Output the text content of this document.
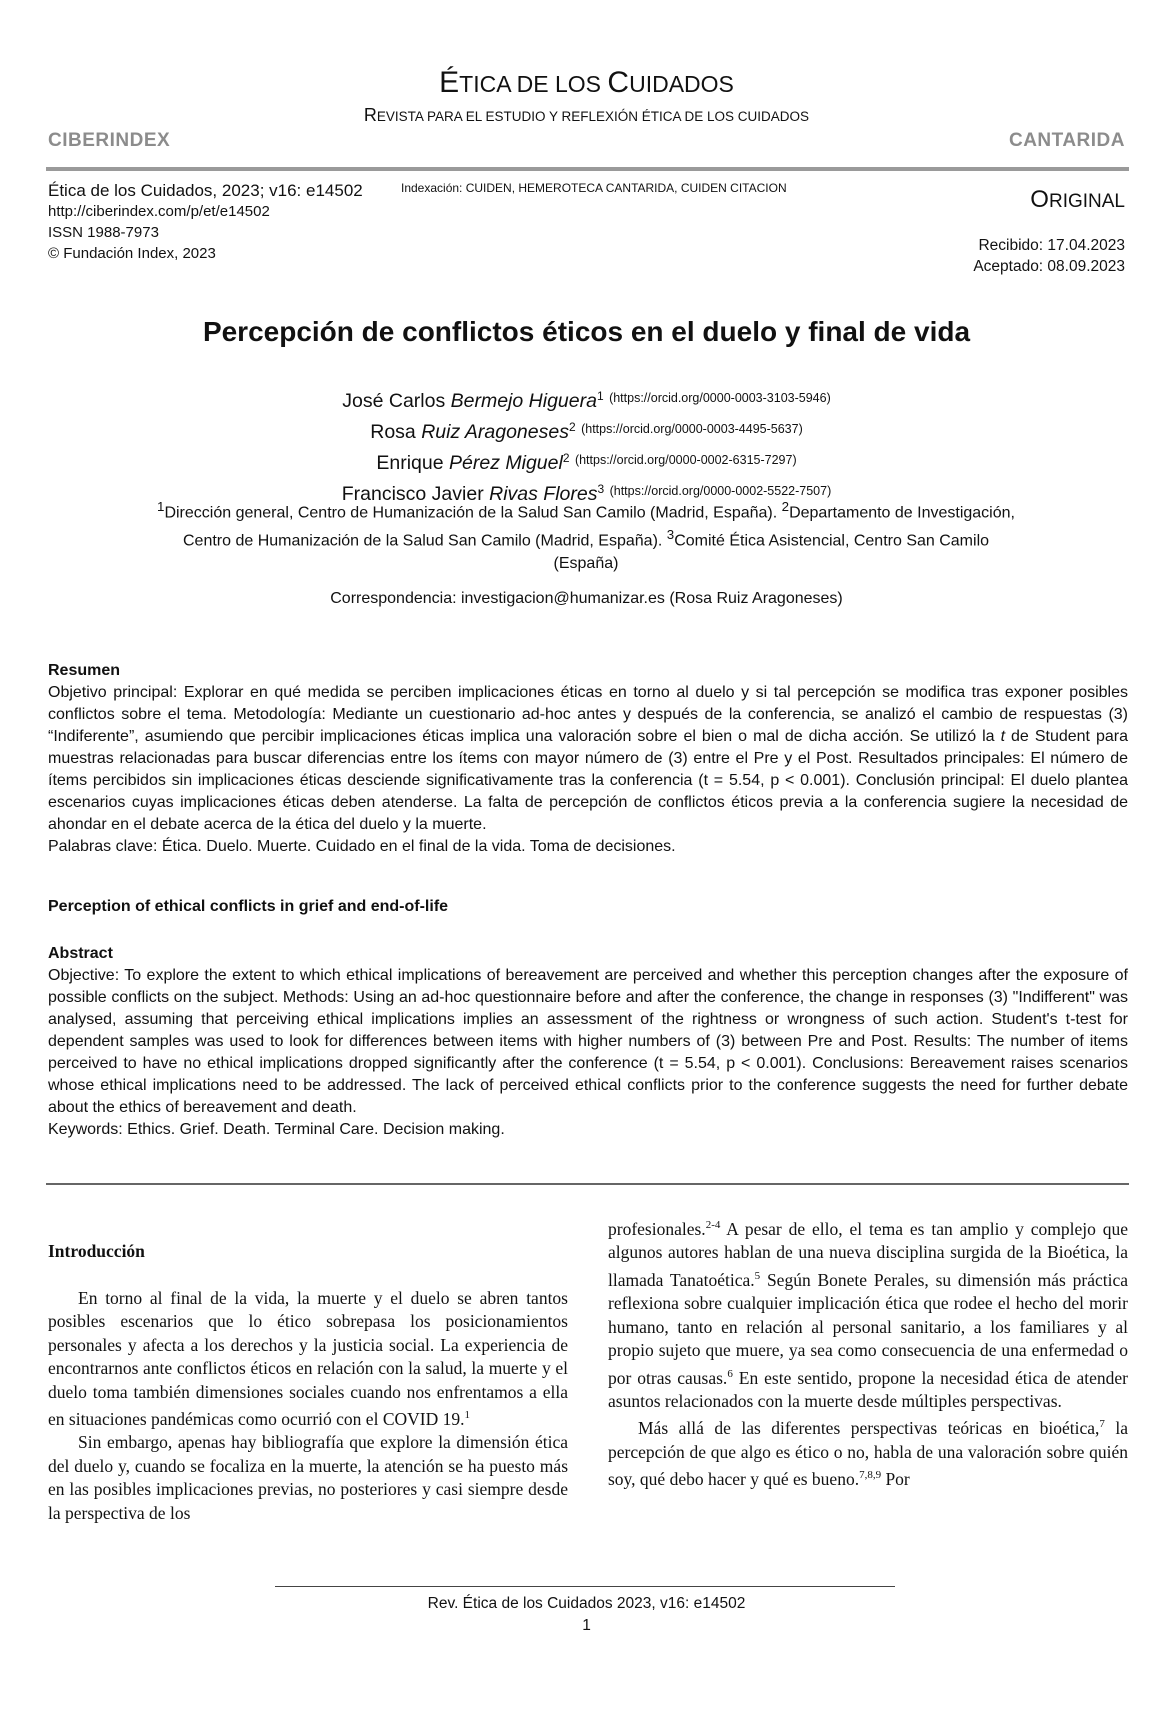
ÉTICA DE LOS CUIDADOS
REVISTA PARA EL ESTUDIO Y REFLEXIÓN ÉTICA DE LOS CUIDADOS
CIBERINDEX	CANTARIDA
Ética de los Cuidados, 2023; v16: e14502
http://ciberindex.com/p/et/e14502
ISSN 1988-7973
© Fundación Index, 2023
Indexación: CUIDEN, HEMEROTECA CANTARIDA, CUIDEN CITACION	ORIGINAL
Recibido: 17.04.2023
Aceptado: 08.09.2023
Percepción de conflictos éticos en el duelo y final de vida
José Carlos Bermejo Higuera$^1$ $^{(https://orcid.org/0000-0003-3103-5946)}$
Rosa Ruiz Aragoneses$^2$ $^{(https://orcid.org/0000-0003-4495-5637)}$
Enrique Pérez Miguel$^2$ $^{(https://orcid.org/0000-0002-6315-7297)}$
Francisco Javier Rivas Flores$^3$ $^{(https://orcid.org/0000-0002-5522-7507)}$
$^1$Dirección general, Centro de Humanización de la Salud San Camilo (Madrid, España). $^2$Departamento de Investigación, Centro de Humanización de la Salud San Camilo (Madrid, España). $^3$Comité Ética Asistencial, Centro San Camilo (España)
Correspondencia: investigacion@humanizar.es (Rosa Ruiz Aragoneses)
Resumen

Objetivo principal: Explorar en qué medida se perciben implicaciones éticas en torno al duelo y si tal percepción se modifica tras exponer posibles conflictos sobre el tema. Metodología: Mediante un cuestionario ad-hoc antes y después de la conferencia, se analizó el cambio de respuestas (3) “Indiferente”, asumiendo que percibir implicaciones éticas implica una valoración sobre el bien o mal de dicha acción. Se utilizó la t de Student para muestras relacionadas para buscar diferencias entre los ítems con mayor número de (3) entre el Pre y el Post. Resultados principales: El número de ítems percibidos sin implicaciones éticas desciende significativamente tras la conferencia (t = 5.54, p < 0.001). Conclusión principal: El duelo plantea escenarios cuyas implicaciones éticas deben atenderse. La falta de percepción de conflictos éticos previa a la conferencia sugiere la necesidad de ahondar en el debate acerca de la ética del duelo y la muerte.

Palabras clave: Ética. Duelo. Muerte. Cuidado en el final de la vida. Toma de decisiones.

Perception of ethical conflicts in grief and end-of-life
Abstract

Objective: To explore the extent to which ethical implications of bereavement are perceived and whether this perception changes after the exposure of possible conflicts on the subject. Methods: Using an ad-hoc questionnaire before and after the conference, the change in responses (3) "Indifferent" was analysed, assuming that perceiving ethical implications implies an assessment of the rightness or wrongness of such action. Student's t-test for dependent samples was used to look for differences between items with higher numbers of (3) between Pre and Post. Results: The number of items perceived to have no ethical implications dropped significantly after the conference (t = 5.54, p < 0.001). Conclusions: Bereavement raises scenarios whose ethical implications need to be addressed. The lack of perceived ethical conflicts prior to the conference suggests the need for further debate about the ethics of bereavement and death.

Keywords: Ethics. Grief. Death. Terminal Care. Decision making.

Introducción

En torno al final de la vida, la muerte y el duelo se abren tantos posibles escenarios que lo ético sobrepasa los posicionamientos personales y afecta a los derechos y la justicia social. La experiencia de encontrarnos ante conflictos éticos en relación con la salud, la muerte y el duelo toma también dimensiones sociales cuando nos enfrentamos a ella en situaciones pandémicas como ocurrió con el COVID 19.$^1$

Sin embargo, apenas hay bibliografía que explore la dimensión ética del duelo y, cuando se focaliza en la muerte, la atención se ha puesto más en las posibles implicaciones previas, no posteriores y casi siempre desde la perspectiva de los

profesionales.$^{2-4}$ A pesar de ello, el tema es tan amplio y complejo que algunos autores hablan de una nueva disciplina surgida de la Bioética, la llamada Tanatoética.$^5$ Según Bonete Perales, su dimensión más práctica reflexiona sobre cualquier implicación ética que rodee el hecho del morir humano, tanto en relación al personal sanitario, a los familiares y al propio sujeto que muere, ya sea como consecuencia de una enfermedad o por otras causas.$^6$ En este sentido, propone la necesidad ética de atender asuntos relacionados con la muerte desde múltiples perspectivas.

Más allá de las diferentes perspectivas teóricas en bioética,$^7$ la percepción de que algo es ético o no, habla de una valoración sobre quién soy, qué debo hacer y qué es bueno.$^{7,8,9}$ Por

Rev. Ética de los Cuidados 2023, v16: e14502
1
